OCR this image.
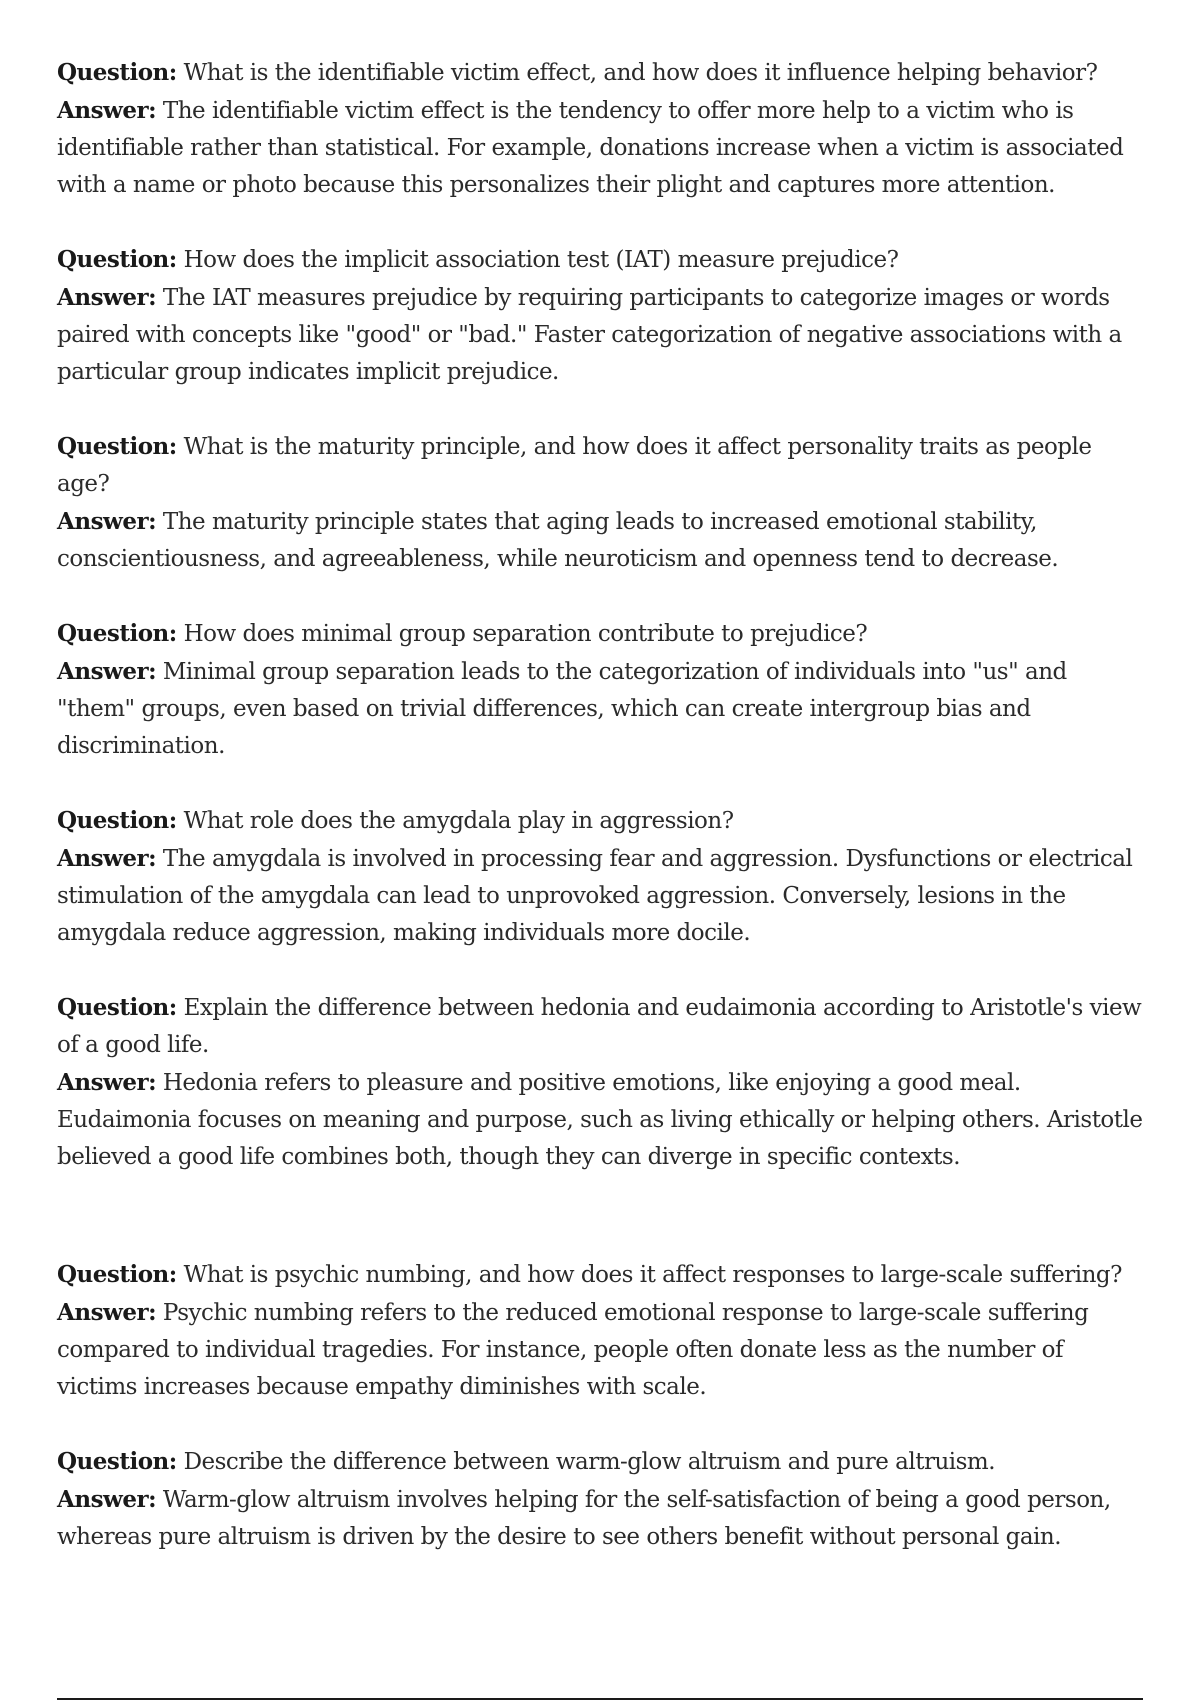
Question: What is the identifiable victim effect, and how does it influence helping behavior?
Answer: The identifiable victim effect is the tendency to offer more help to a victim who is identifiable rather than statistical. For example, donations increase when a victim is associated with a name or photo because this personalizes their plight and captures more attention.
Question: How does the implicit association test (IAT) measure prejudice?
Answer: The IAT measures prejudice by requiring participants to categorize images or words paired with concepts like "good" or "bad." Faster categorization of negative associations with a particular group indicates implicit prejudice.
Question: What is the maturity principle, and how does it affect personality traits as people age?
Answer: The maturity principle states that aging leads to increased emotional stability, conscientiousness, and agreeableness, while neuroticism and openness tend to decrease.
Question: How does minimal group separation contribute to prejudice?
Answer: Minimal group separation leads to the categorization of individuals into "us" and "them" groups, even based on trivial differences, which can create intergroup bias and discrimination.
Question: What role does the amygdala play in aggression?
Answer: The amygdala is involved in processing fear and aggression. Dysfunctions or electrical stimulation of the amygdala can lead to unprovoked aggression. Conversely, lesions in the amygdala reduce aggression, making individuals more docile.
Question: Explain the difference between hedonia and eudaimonia according to Aristotle's view of a good life.
Answer: Hedonia refers to pleasure and positive emotions, like enjoying a good meal. Eudaimonia focuses on meaning and purpose, such as living ethically or helping others. Aristotle believed a good life combines both, though they can diverge in specific contexts.
Question: What is psychic numbing, and how does it affect responses to large-scale suffering?
Answer: Psychic numbing refers to the reduced emotional response to large-scale suffering compared to individual tragedies. For instance, people often donate less as the number of victims increases because empathy diminishes with scale.
Question: Describe the difference between warm-glow altruism and pure altruism.
Answer: Warm-glow altruism involves helping for the self-satisfaction of being a good person, whereas pure altruism is driven by the desire to see others benefit without personal gain.
